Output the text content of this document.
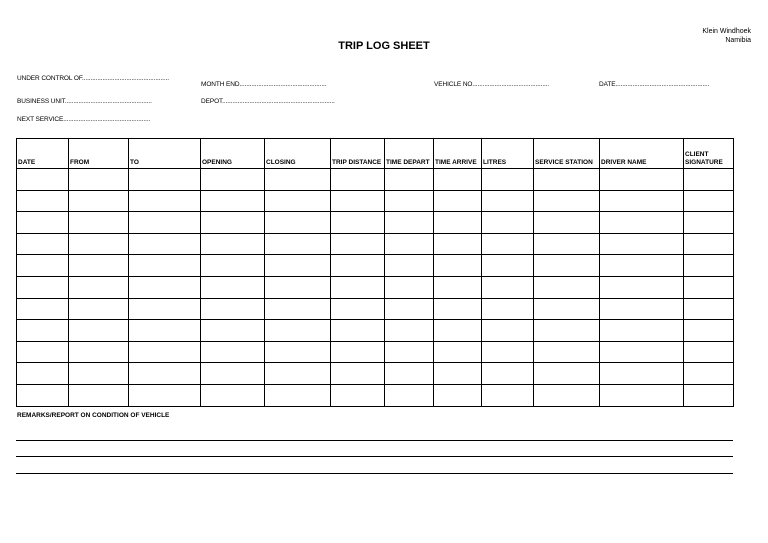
Klein Windhoek
Namibia
TRIP LOG SHEET
UNDER CONTROL OF...................................................
MONTH END...................................................	VEHICLE NO.............................................	DATE.......................................................
BUSINESS UNIT...................................................	DEPOT..................................................................
NEXT SERVICE...................................................
DATE	FROM	TO	OPENING	CLOSING	TRIP DISTANCE	TIME DEPART	TIME ARRIVE	LITRES	SERVICE STATION	DRIVER NAME	CLIENT
SIGNATURE

REMARKS/REPORT ON CONDITION OF VEHICLE
